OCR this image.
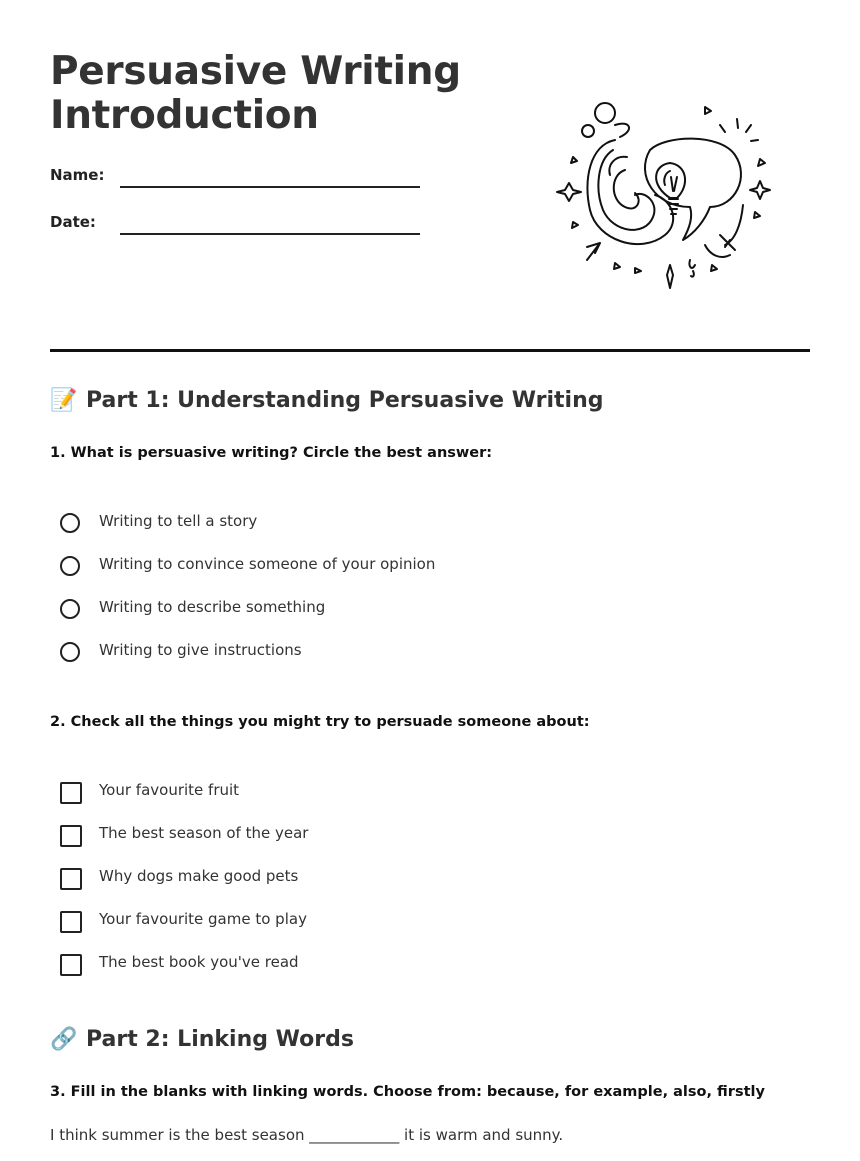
Persuasive Writing
Introduction
Name:
Date:
📝 Part 1: Understanding Persuasive Writing

1. What is persuasive writing? Circle the best answer:

Writing to tell a story
Writing to convince someone of your opinion
Writing to describe something
Writing to give instructions

2. Check all the things you might try to persuade someone about:

Your favourite fruit
The best season of the year
Why dogs make good pets
Your favourite game to play
The best book you've read
🔗 Part 2: Linking Words

3. Fill in the blanks with linking words. Choose from: because, for example, also, firstly

I think summer is the best season ____________ it is warm and sunny.
